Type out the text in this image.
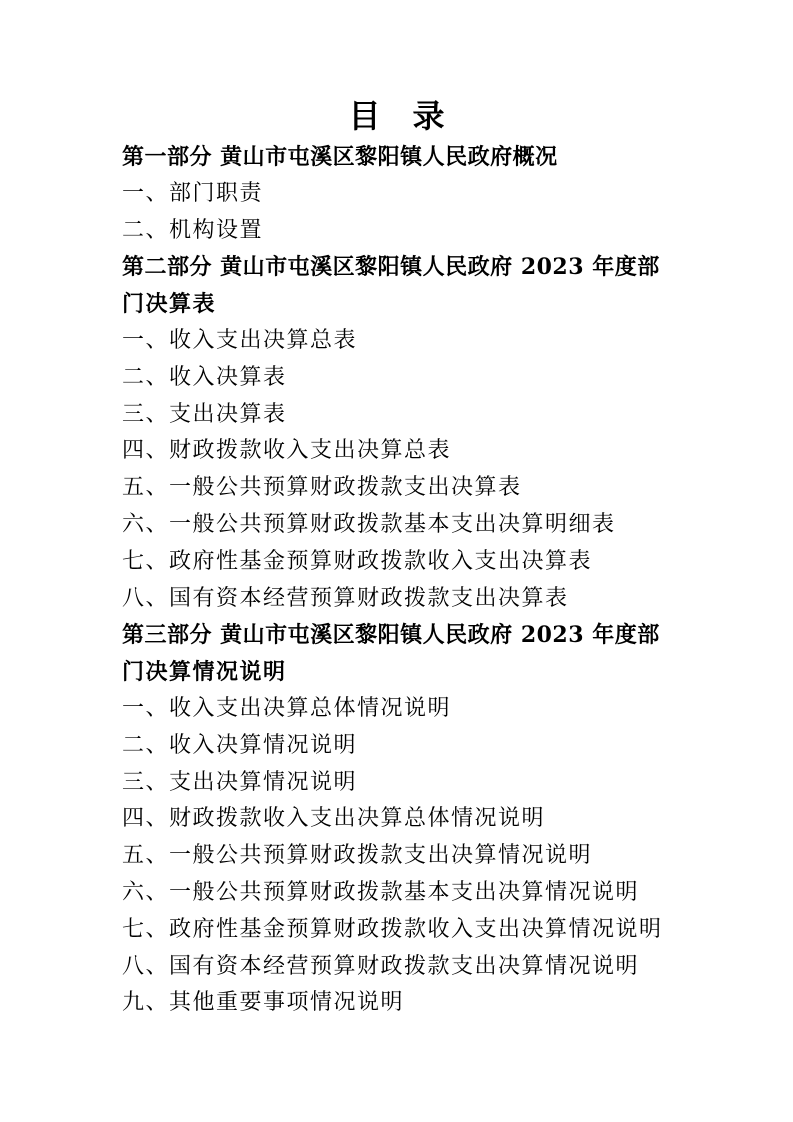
目　录
第一部分 黄山市屯溪区黎阳镇人民政府概况
一、部门职责
二、机构设置
第二部分 黄山市屯溪区黎阳镇人民政府 2023 年度部
门决算表
一、收入支出决算总表
二、收入决算表
三、支出决算表
四、财政拨款收入支出决算总表
五、一般公共预算财政拨款支出决算表
六、一般公共预算财政拨款基本支出决算明细表
七、政府性基金预算财政拨款收入支出决算表
八、国有资本经营预算财政拨款支出决算表
第三部分 黄山市屯溪区黎阳镇人民政府 2023 年度部
门决算情况说明
一、收入支出决算总体情况说明
二、收入决算情况说明
三、支出决算情况说明
四、财政拨款收入支出决算总体情况说明
五、一般公共预算财政拨款支出决算情况说明
六、一般公共预算财政拨款基本支出决算情况说明
七、政府性基金预算财政拨款收入支出决算情况说明
八、国有资本经营预算财政拨款支出决算情况说明
九、其他重要事项情况说明
